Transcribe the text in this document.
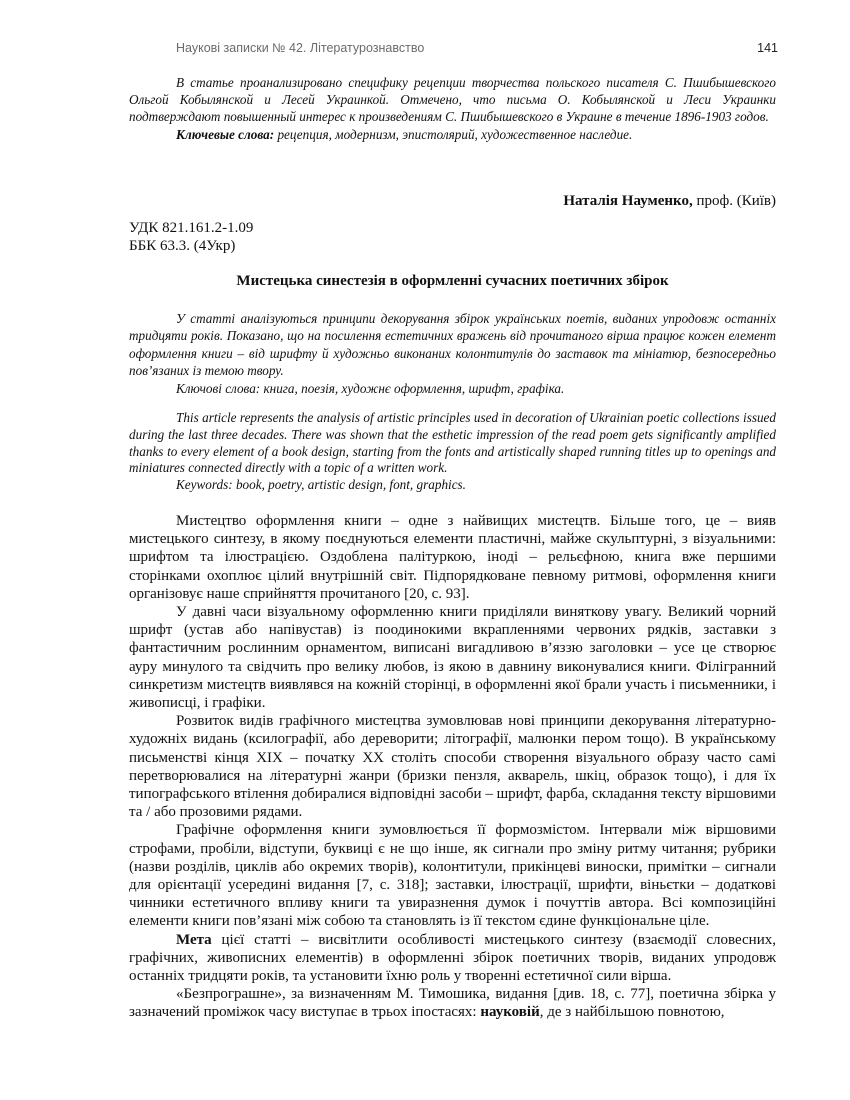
Наукові записки № 42. Літературознавство	141

В статье проанализировано специфику рецепции творчества польского писателя С. Пшибышевского Ольгой Кобылянской и Лесей Украинкой. Отмечено, что письма О. Кобылянской и Леси Украинки подтверждают повышенный интерес к произведениям С. Пшибышевского в Украине в течение 1896-1903 годов.

Ключевые слова: рецепция, модернизм, эпистолярий, художественное наследие.

Наталія Науменко, проф. (Київ)
УДК 821.161.2-1.09
ББК 63.3. (4Укр)
Мистецька синестезія в оформленні сучасних поетичних збірок

У статті аналізуються принципи декорування збірок українських поетів, виданих упродовж останніх тридцяти років. Показано, що на посилення естетичних вражень від прочитаного вірша працює кожен елемент оформлення книги – від шрифту й художньо виконаних колонтитулів до заставок та мініатюр, безпосередньо пов’язаних із темою твору.

Ключові слова: книга, поезія, художнє оформлення, шрифт, графіка.

This article represents the analysis of artistic principles used in decoration of Ukrainian poetic collections issued during the last three decades. There was shown that the esthetic impression of the read poem gets significantly amplified thanks to every element of a book design, starting from the fonts and artistically shaped running titles up to openings and miniatures connected directly with a topic of a written work.

Keywords: book, poetry, artistic design, font, graphics.

Мистецтво оформлення книги – одне з найвищих мистецтв. Більше того, це – вияв мистецького синтезу, в якому поєднуються елементи пластичні, майже скульптурні, з візуальними: шрифтом та ілюстрацією. Оздоблена палітуркою, іноді – рельєфною, книга вже першими сторінками охоплює цілий внутрішній світ. Підпорядковане певному ритмові, оформлення книги організовує наше сприйняття прочитаного [20, с. 93].

У давні часи візуальному оформленню книги приділяли виняткову увагу. Великий чорний шрифт (устав або напівустав) із поодинокими вкрапленнями червоних рядків, заставки з фантастичним рослинним орнаментом, виписані вигадливою в’яззю заголовки – усе це створює ауру минулого та свідчить про велику любов, із якою в давнину виконувалися книги. Філігранний синкретизм мистецтв виявлявся на кожній сторінці, в оформленні якої брали участь і письменники, і живописці, і графіки.

Розвиток видів графічного мистецтва зумовлював нові принципи декорування літературно-художніх видань (ксилографії, або дереворити; літографії, малюнки пером тощо). В українському письменстві кінця XIX – початку XX століть способи створення візуального образу часто самі перетворювалися на літературні жанри (бризки пензля, акварель, шкіц, образок тощо), і для їх типографського втілення добиралися відповідні засоби – шрифт, фарба, складання тексту віршовими та / або прозовими рядами.

Графічне оформлення книги зумовлюється її формозмістом. Інтервали між віршовими строфами, пробіли, відступи, буквиці є не що інше, як сигнали про зміну ритму читання; рубрики (назви розділів, циклів або окремих творів), колонтитули, прикінцеві виноски, примітки – сигнали для орієнтації усередині видання [7, с. 318]; заставки, ілюстрації, шрифти, віньєтки – додаткові чинники естетичного впливу книги та увиразнення думок і почуттів автора. Всі композиційні елементи книги пов’язані між собою та становлять із її текстом єдине функціональне ціле.

Мета цієї статті – висвітлити особливості мистецького синтезу (взаємодії словесних, графічних, живописних елементів) в оформленні збірок поетичних творів, виданих упродовж останніх тридцяти років, та установити їхню роль у творенні естетичної сили вірша.

«Безпрограшне», за визначенням М. Тимошика, видання [див. 18, с. 77], поетична збірка у зазначений проміжок часу виступає в трьох іпостасях: науковій, де з найбільшою повнотою,
